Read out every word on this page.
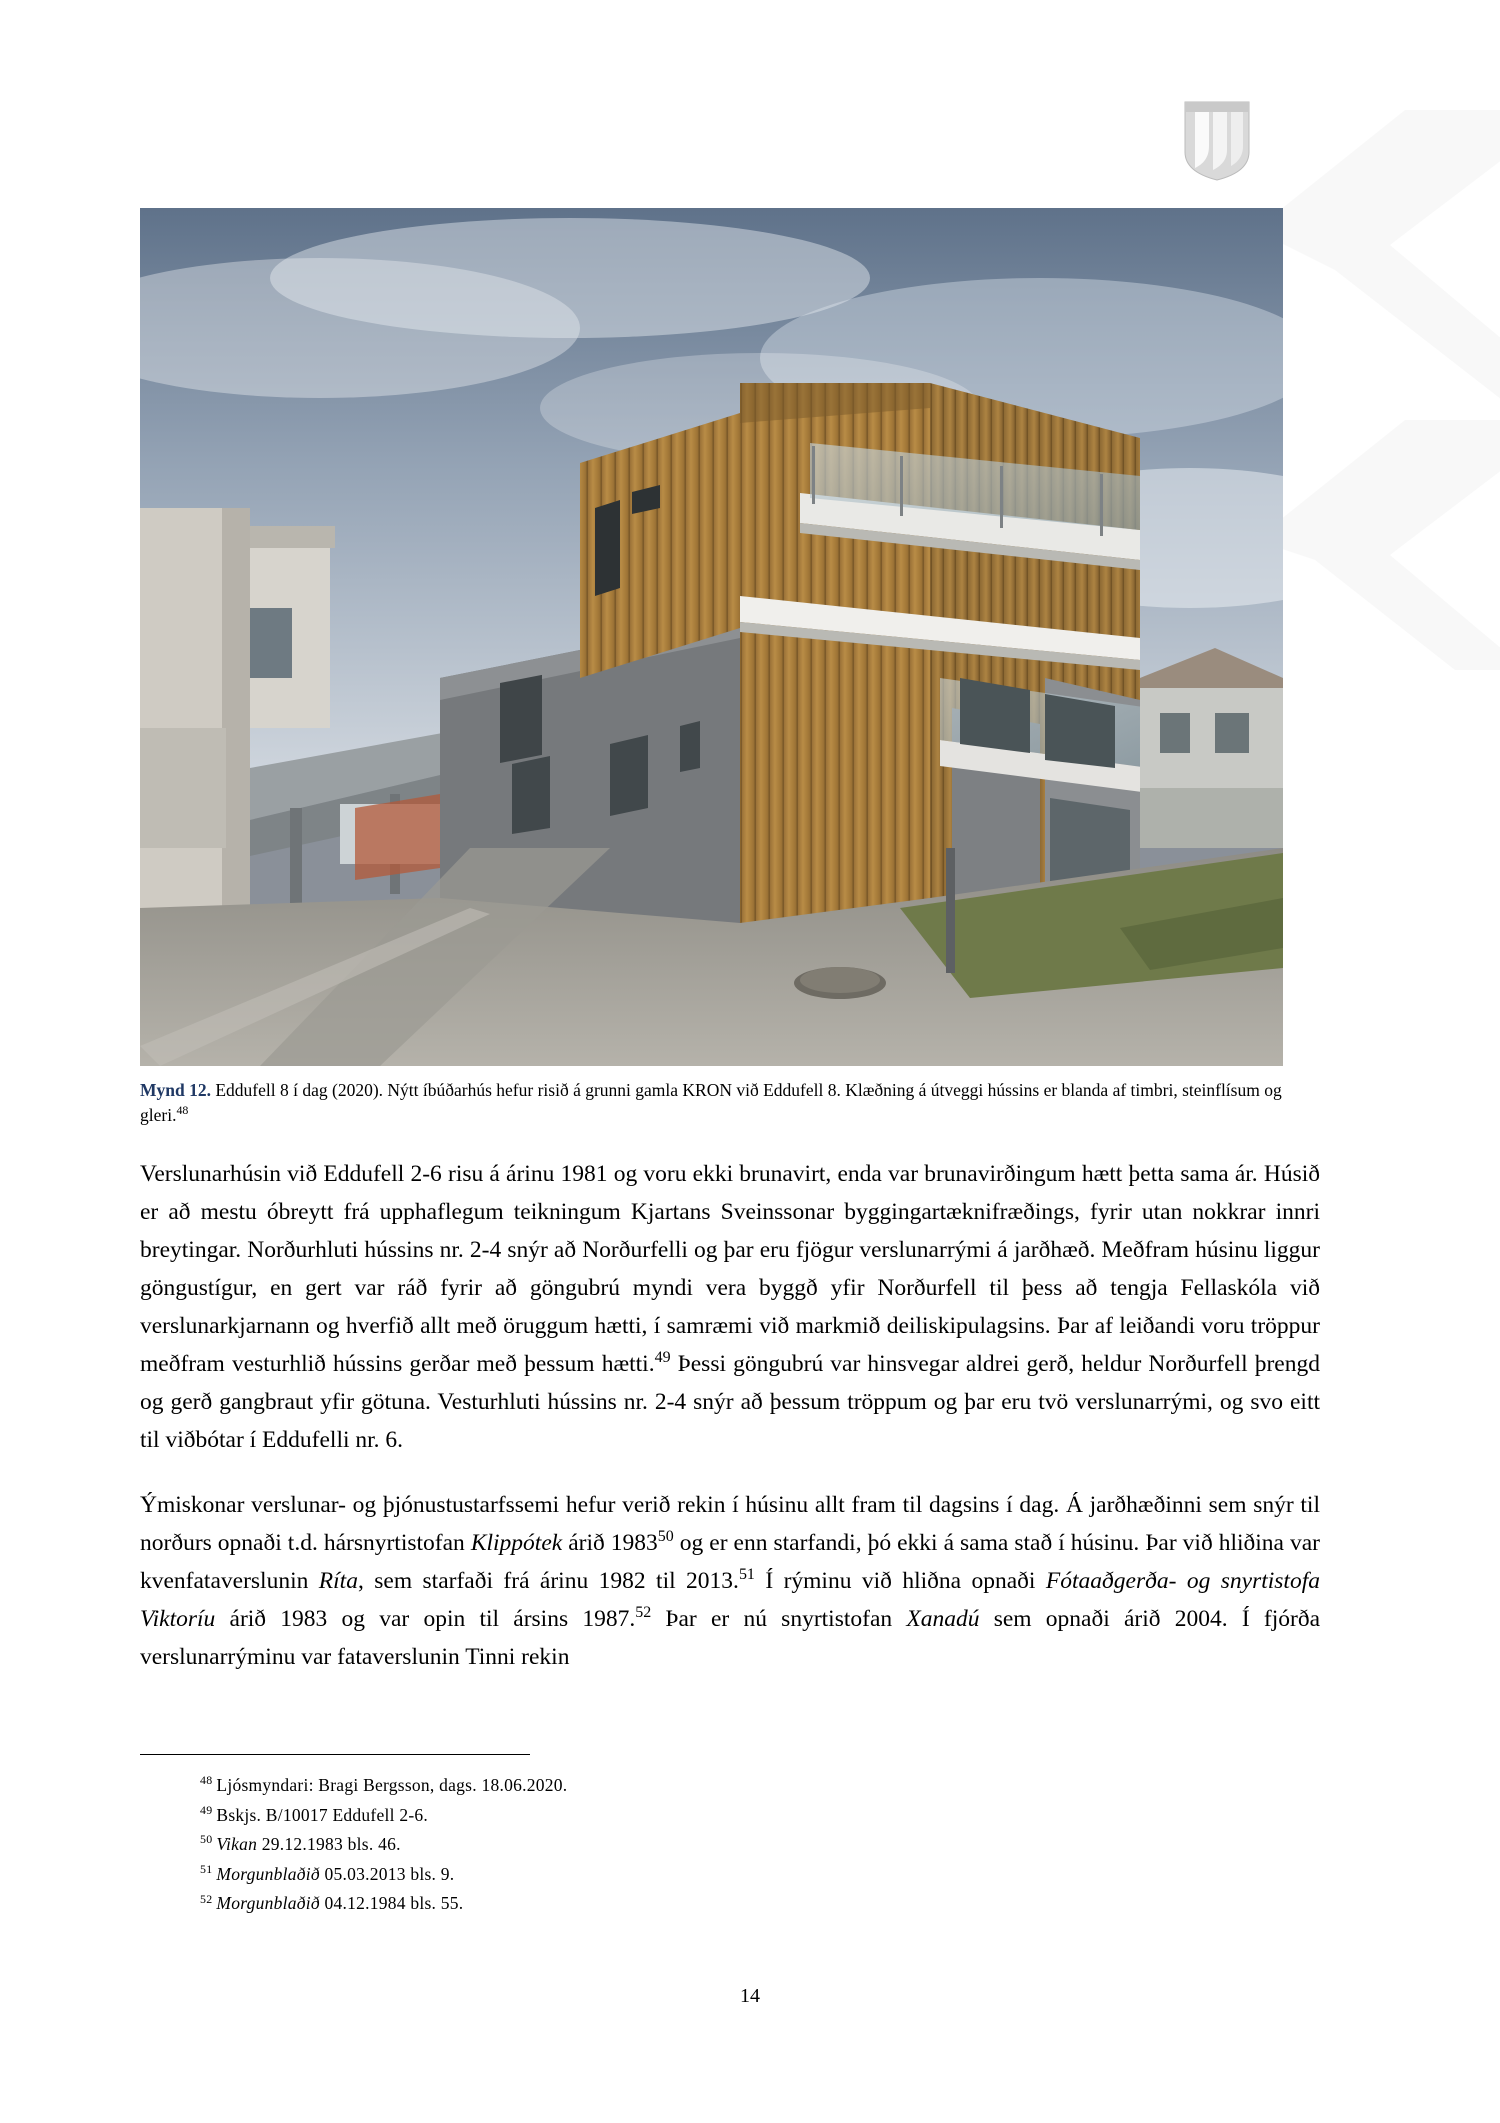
Mynd 12. Eddufell 8 í dag (2020). Nýtt íbúðarhús hefur risið á grunni gamla KRON við Eddufell 8. Klæðning á útveggi hússins er blanda af timbri, steinflísum og gleri.$^{48}$

Verslunarhúsin við Eddufell 2-6 risu á árinu 1981 og voru ekki brunavirt, enda var brunavirðingum hætt þetta sama ár. Húsið er að mestu óbreytt frá upphaflegum teikningum Kjartans Sveinssonar byggingartæknifræðings, fyrir utan nokkrar innri breytingar. Norðurhluti hússins nr. 2-4 snýr að Norðurfelli og þar eru fjögur verslunarrými á jarðhæð. Meðfram húsinu liggur göngustígur, en gert var ráð fyrir að göngubrú myndi vera byggð yfir Norðurfell til þess að tengja Fellaskóla við verslunarkjarnann og hverfið allt með öruggum hætti, í samræmi við markmið deiliskipulagsins. Þar af leiðandi voru tröppur meðfram vesturhlið hússins gerðar með þessum hætti.$^{49}$ Þessi göngubrú var hinsvegar aldrei gerð, heldur Norðurfell þrengd og gerð gangbraut yfir götuna. Vesturhluti hússins nr. 2-4 snýr að þessum tröppum og þar eru tvö verslunarrými, og svo eitt til viðbótar í Eddufelli nr. 6.

Ýmiskonar verslunar- og þjónustustarfssemi hefur verið rekin í húsinu allt fram til dagsins í dag. Á jarðhæðinni sem snýr til norðurs opnaði t.d. hársnyrtistofan Klippótek árið 1983$^{50}$ og er enn starfandi, þó ekki á sama stað í húsinu. Þar við hliðina var kvenfataverslunin Ríta, sem starfaði frá árinu 1982 til 2013.51 Í rýminu við hliðna opnaði Fótaaðgerða- og snyrtistofa Viktoríu árið 1983 og var opin til ársins 1987.52 Þar er nú snyrtistofan Xanadú sem opnaði árið 2004. Í fjórða verslunarrýminu var fataverslunin Tinni rekin

$^{48}$ Ljósmyndari: Bragi Bergsson, dags. 18.06.2020.

$^{49}$ Bskjs. B/10017 Eddufell 2-6.

$^{50}$ Vikan 29.12.1983 bls. 46.

$^{51}$ Morgunblaðið 05.03.2013 bls. 9.

$^{52}$ Morgunblaðið 04.12.1984 bls. 55.

14
